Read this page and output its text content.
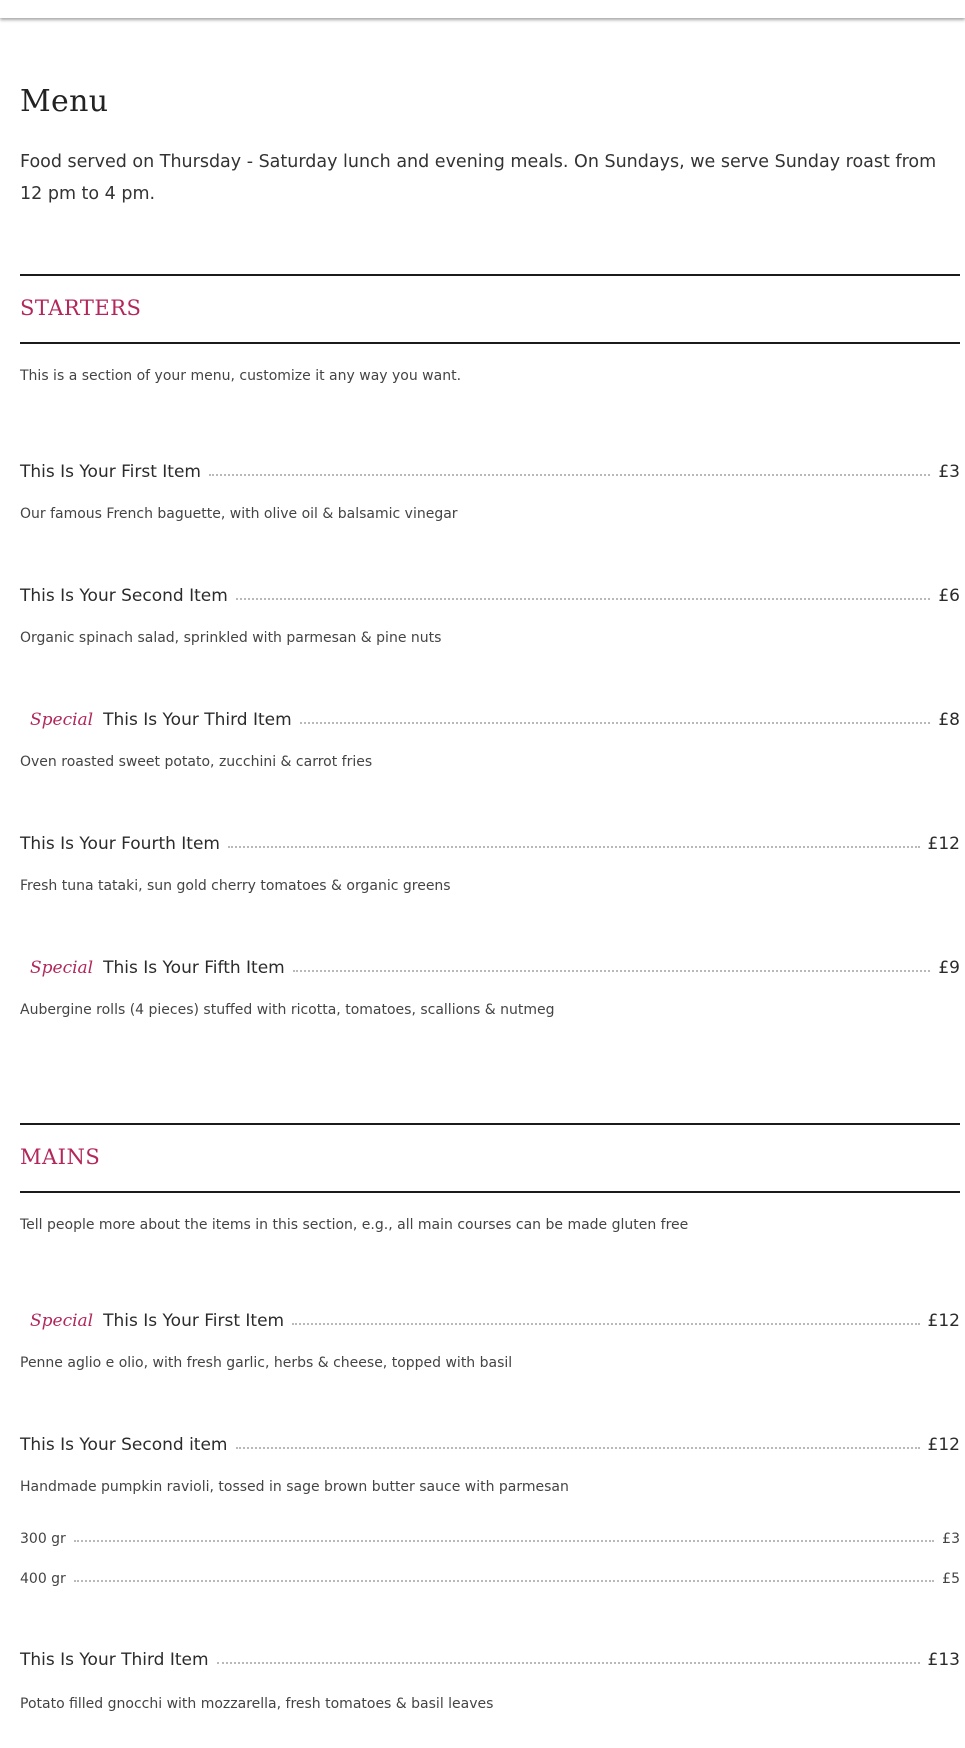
Menu

Food served on Thursday - Saturday lunch and evening meals. On Sundays, we serve Sunday roast from 12 pm to 4 pm.

STARTERS

This is a section of your menu, customize it any way you want.

This Is Your First Item	£3

Our famous French baguette, with olive oil & balsamic vinegar

This Is Your Second Item	£6

Organic spinach salad, sprinkled with parmesan & pine nuts

Special This Is Your Third Item	£8

Oven roasted sweet potato, zucchini & carrot fries

This Is Your Fourth Item	£12

Fresh tuna tataki, sun gold cherry tomatoes & organic greens

Special This Is Your Fifth Item	£9

Aubergine rolls (4 pieces) stuffed with ricotta, tomatoes, scallions & nutmeg

MAINS

Tell people more about the items in this section, e.g., all main courses can be made gluten free

Special This Is Your First Item	£12

Penne aglio e olio, with fresh garlic, herbs & cheese, topped with basil

This Is Your Second item	£12

Handmade pumpkin ravioli, tossed in sage brown butter sauce with parmesan

300 gr	£3
400 gr	£5
This Is Your Third Item	£13

Potato filled gnocchi with mozzarella, fresh tomatoes & basil leaves
